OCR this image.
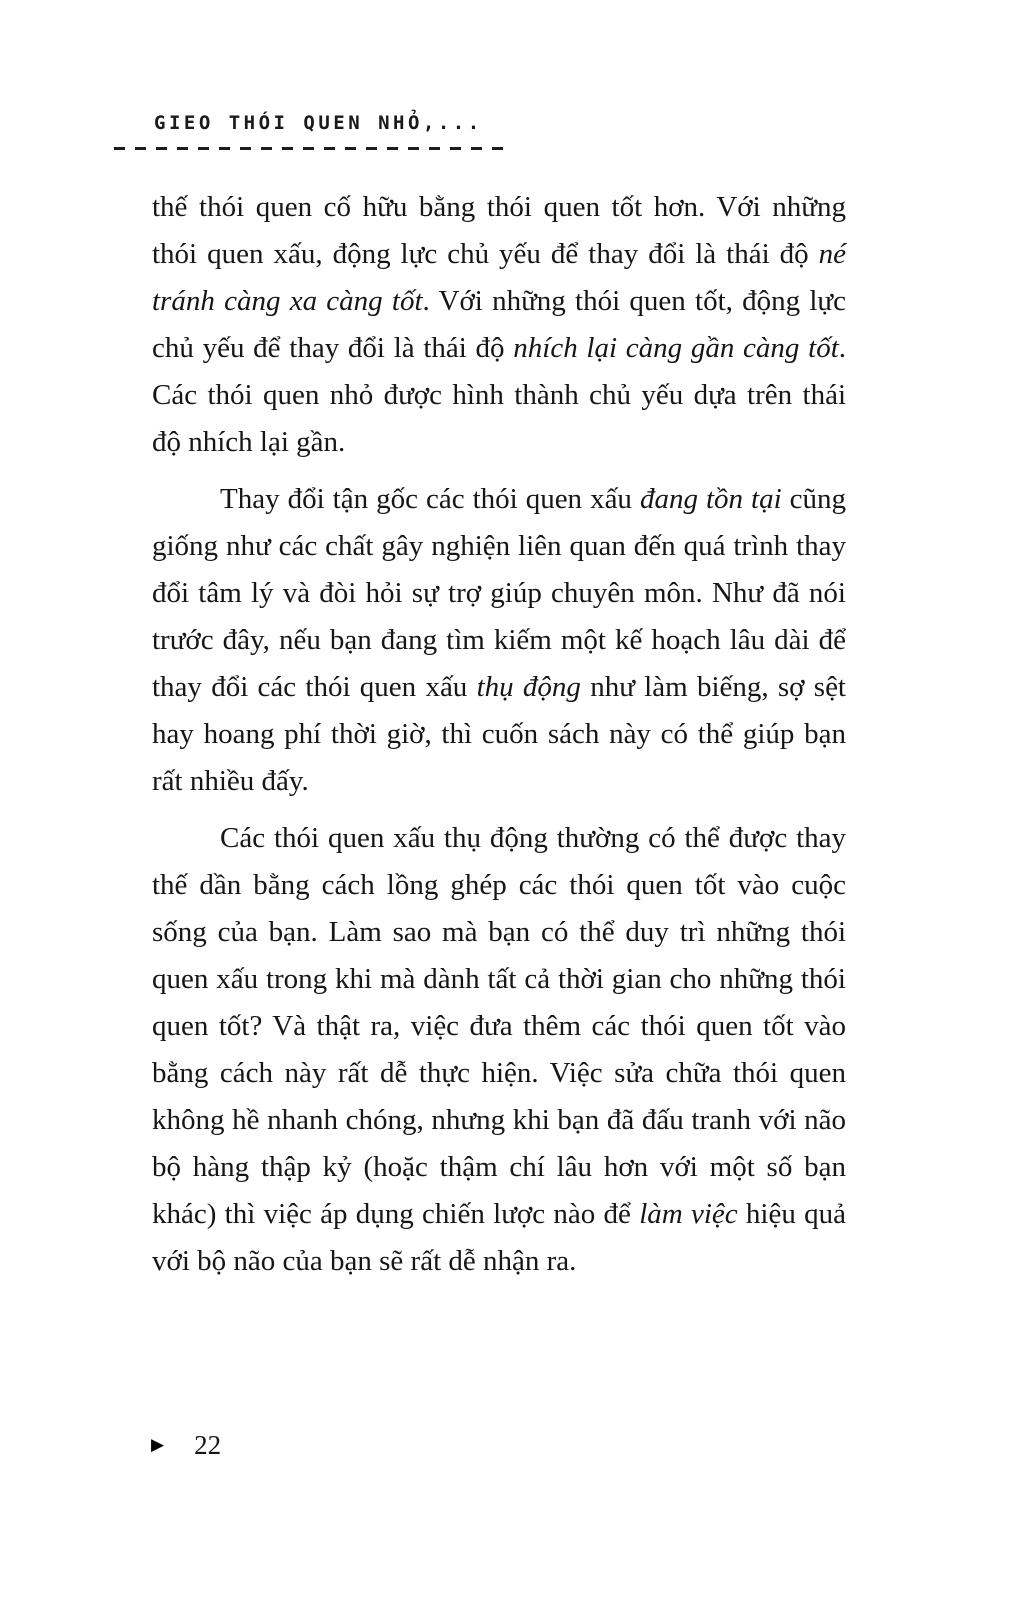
GIEO THÓI QUEN NHỎ,...

thế thói quen cố hữu bằng thói quen tốt hơn. Với những thói quen xấu, động lực chủ yếu để thay đổi là thái độ né tránh càng xa càng tốt. Với những thói quen tốt, động lực chủ yếu để thay đổi là thái độ nhích lại càng gần càng tốt. Các thói quen nhỏ được hình thành chủ yếu dựa trên thái độ nhích lại gần.

Thay đổi tận gốc các thói quen xấu đang tồn tại cũng giống như các chất gây nghiện liên quan đến quá trình thay đổi tâm lý và đòi hỏi sự trợ giúp chuyên môn. Như đã nói trước đây, nếu bạn đang tìm kiếm một kế hoạch lâu dài để thay đổi các thói quen xấu thụ động như làm biếng, sợ sệt hay hoang phí thời giờ, thì cuốn sách này có thể giúp bạn rất nhiều đấy.

Các thói quen xấu thụ động thường có thể được thay thế dần bằng cách lồng ghép các thói quen tốt vào cuộc sống của bạn. Làm sao mà bạn có thể duy trì những thói quen xấu trong khi mà dành tất cả thời gian cho những thói quen tốt? Và thật ra, việc đưa thêm các thói quen tốt vào bằng cách này rất dễ thực hiện. Việc sửa chữa thói quen không hề nhanh chóng, nhưng khi bạn đã đấu tranh với não bộ hàng thập kỷ (hoặc thậm chí lâu hơn với một số bạn khác) thì việc áp dụng chiến lược nào để làm việc hiệu quả với bộ não của bạn sẽ rất dễ nhận ra.

▶ 22
